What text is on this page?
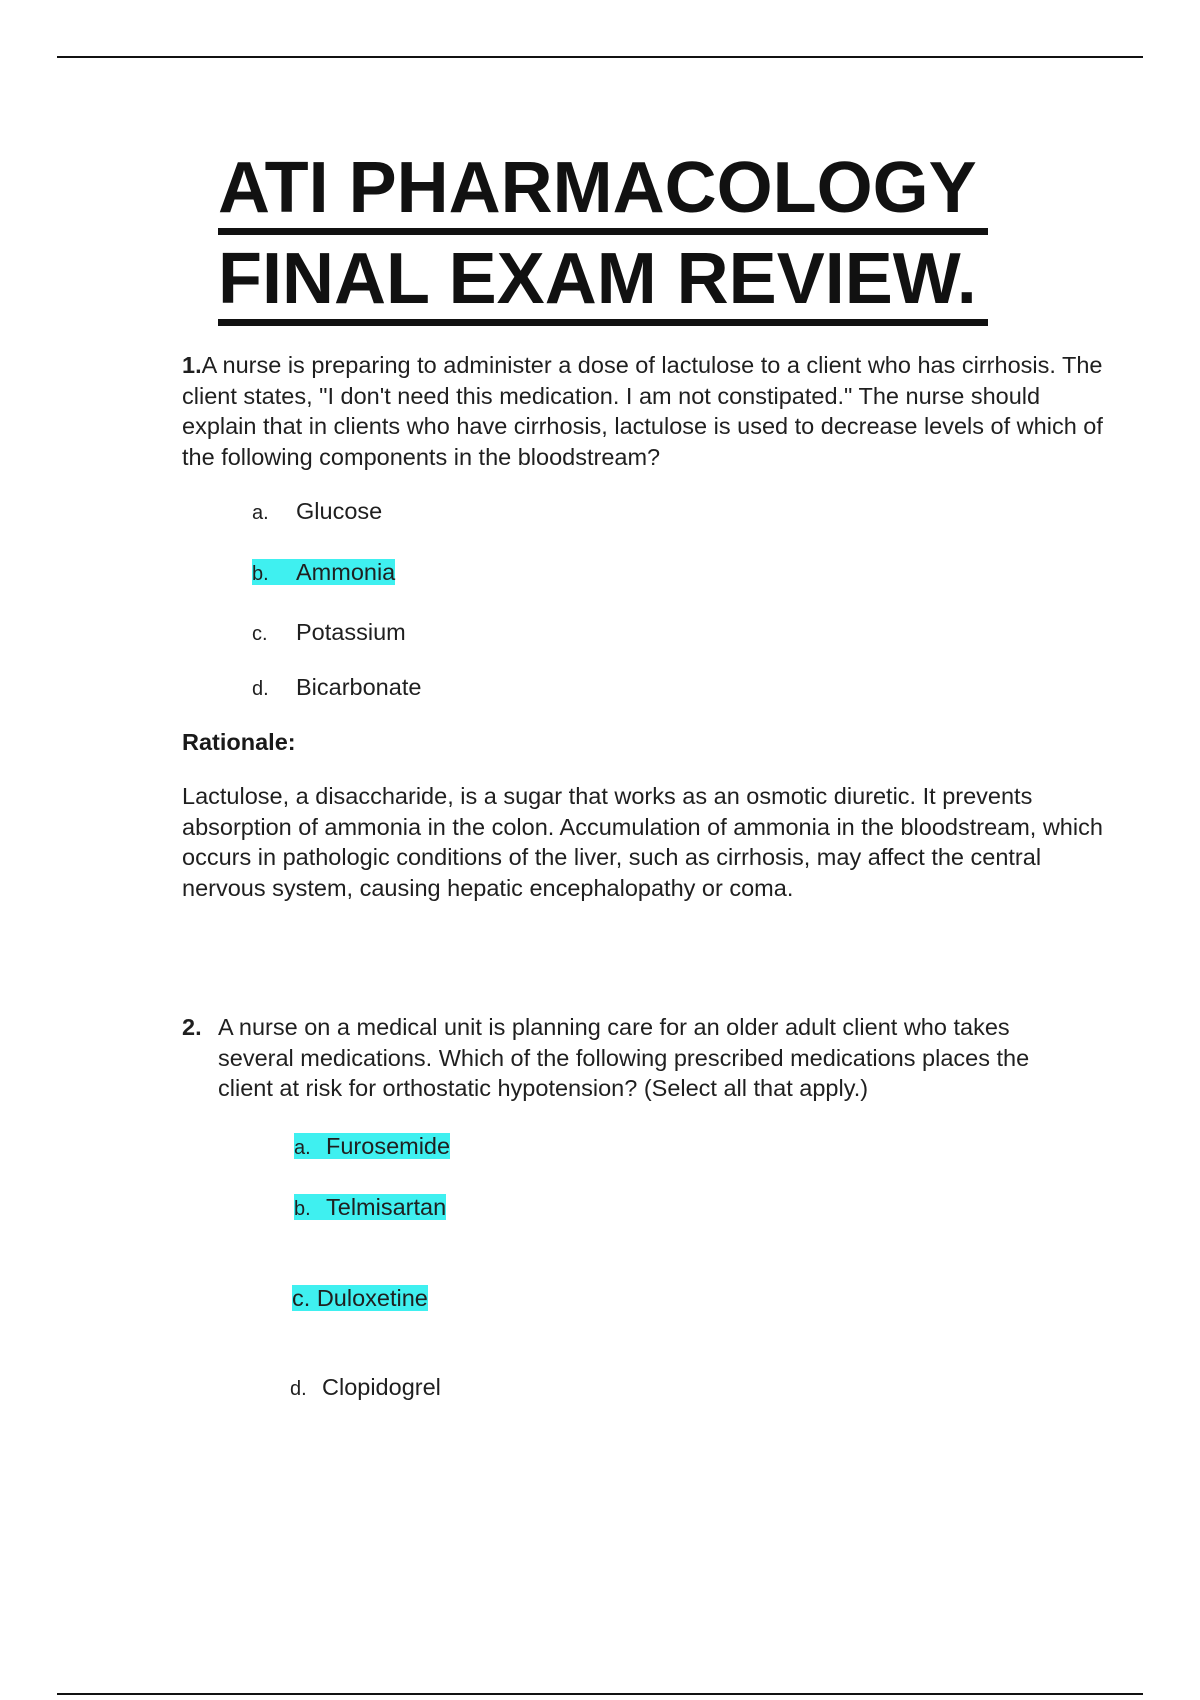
ATI PHARMACOLOGY
FINAL EXAM REVIEW.

1.A nurse is preparing to administer a dose of lactulose to a client who has cirrhosis. The client states, "I don't need this medication. I am not constipated." The nurse should explain that in clients who have cirrhosis, lactulose is used to decrease levels of which of the following components in the bloodstream?

a. Glucose
b. Ammonia
c. Potassium
d. Bicarbonate
Rationale:

Lactulose, a disaccharide, is a sugar that works as an osmotic diuretic. It prevents absorption of ammonia in the colon. Accumulation of ammonia in the bloodstream, which occurs in pathologic conditions of the liver, such as cirrhosis, may affect the central nervous system, causing hepatic encephalopathy or coma.

2. A nurse on a medical unit is planning care for an older adult client who takes several medications. Which of the following prescribed medications places the client at risk for orthostatic hypotension? (Select all that apply.)
a. Furosemide
b. Telmisartan
c. Duloxetine
d. Clopidogrel
